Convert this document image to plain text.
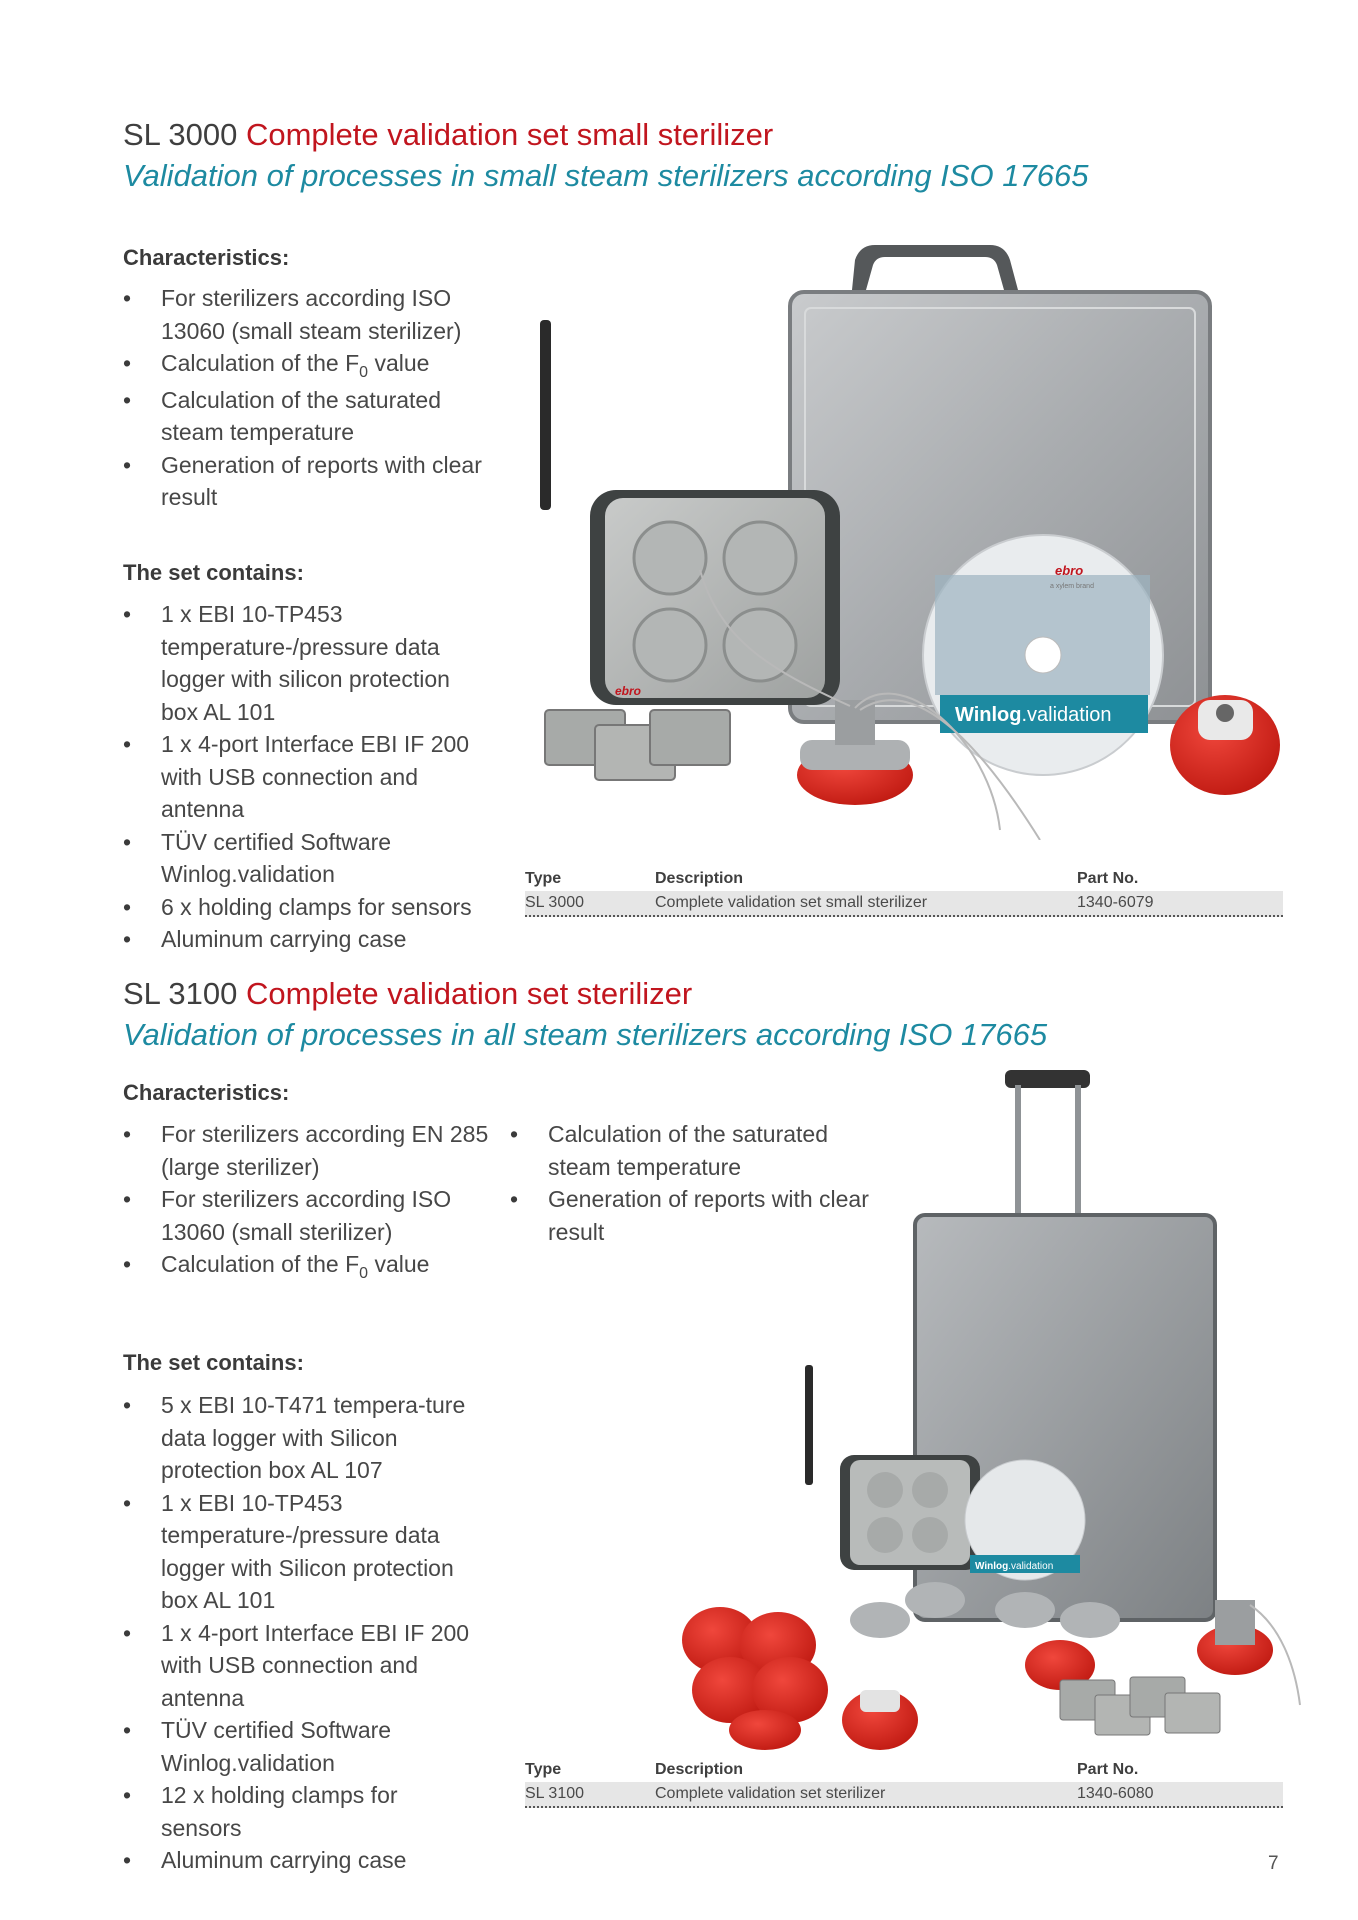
SL 3000 Complete validation set small sterilizer
Validation of processes in small steam sterilizers according ISO 17665
Characteristics:
• For sterilizers according ISO 13060 (small steam sterilizer)
• Calculation of the $F_0$ value
• Calculation of the saturated steam temperature
• Generation of reports with clear result
The set contains:
• 1 x EBI 10-TP453 temperature-/pressure data logger with silicon protection box AL 101
• 1 x 4-port Interface EBI IF 200 with USB connection and antenna
• TÜV certified Software Winlog.validation
• 6 x holding clamps for sensors
• Aluminum carrying case
ebro
Winlog.validation
ebro
a xylem brand
Type	Description	Part No.
SL 3000	Complete validation set small sterilizer	1340-6079
SL 3100 Complete validation set sterilizer
Validation of processes in all steam sterilizers according ISO 17665
Characteristics:
• For sterilizers according EN 285 (large sterilizer)
• For sterilizers according ISO 13060 (small sterilizer)
• Calculation of the $F_0$ value
• Calculation of the saturated steam temperature
• Generation of reports with clear result
The set contains:
• 5 x EBI 10-T471 tempera-ture data logger with Silicon protection box AL 107
• 1 x EBI 10-TP453 temperature-/pressure data logger with Silicon protection box AL 101
• 1 x 4-port Interface EBI IF 200 with USB connection and antenna
• TÜV certified Software Winlog.validation
• 12 x holding clamps for sensors
• Aluminum carrying case
Winlog.validation
Type	Description	Part No.
SL 3100	Complete validation set sterilizer	1340-6080
7
